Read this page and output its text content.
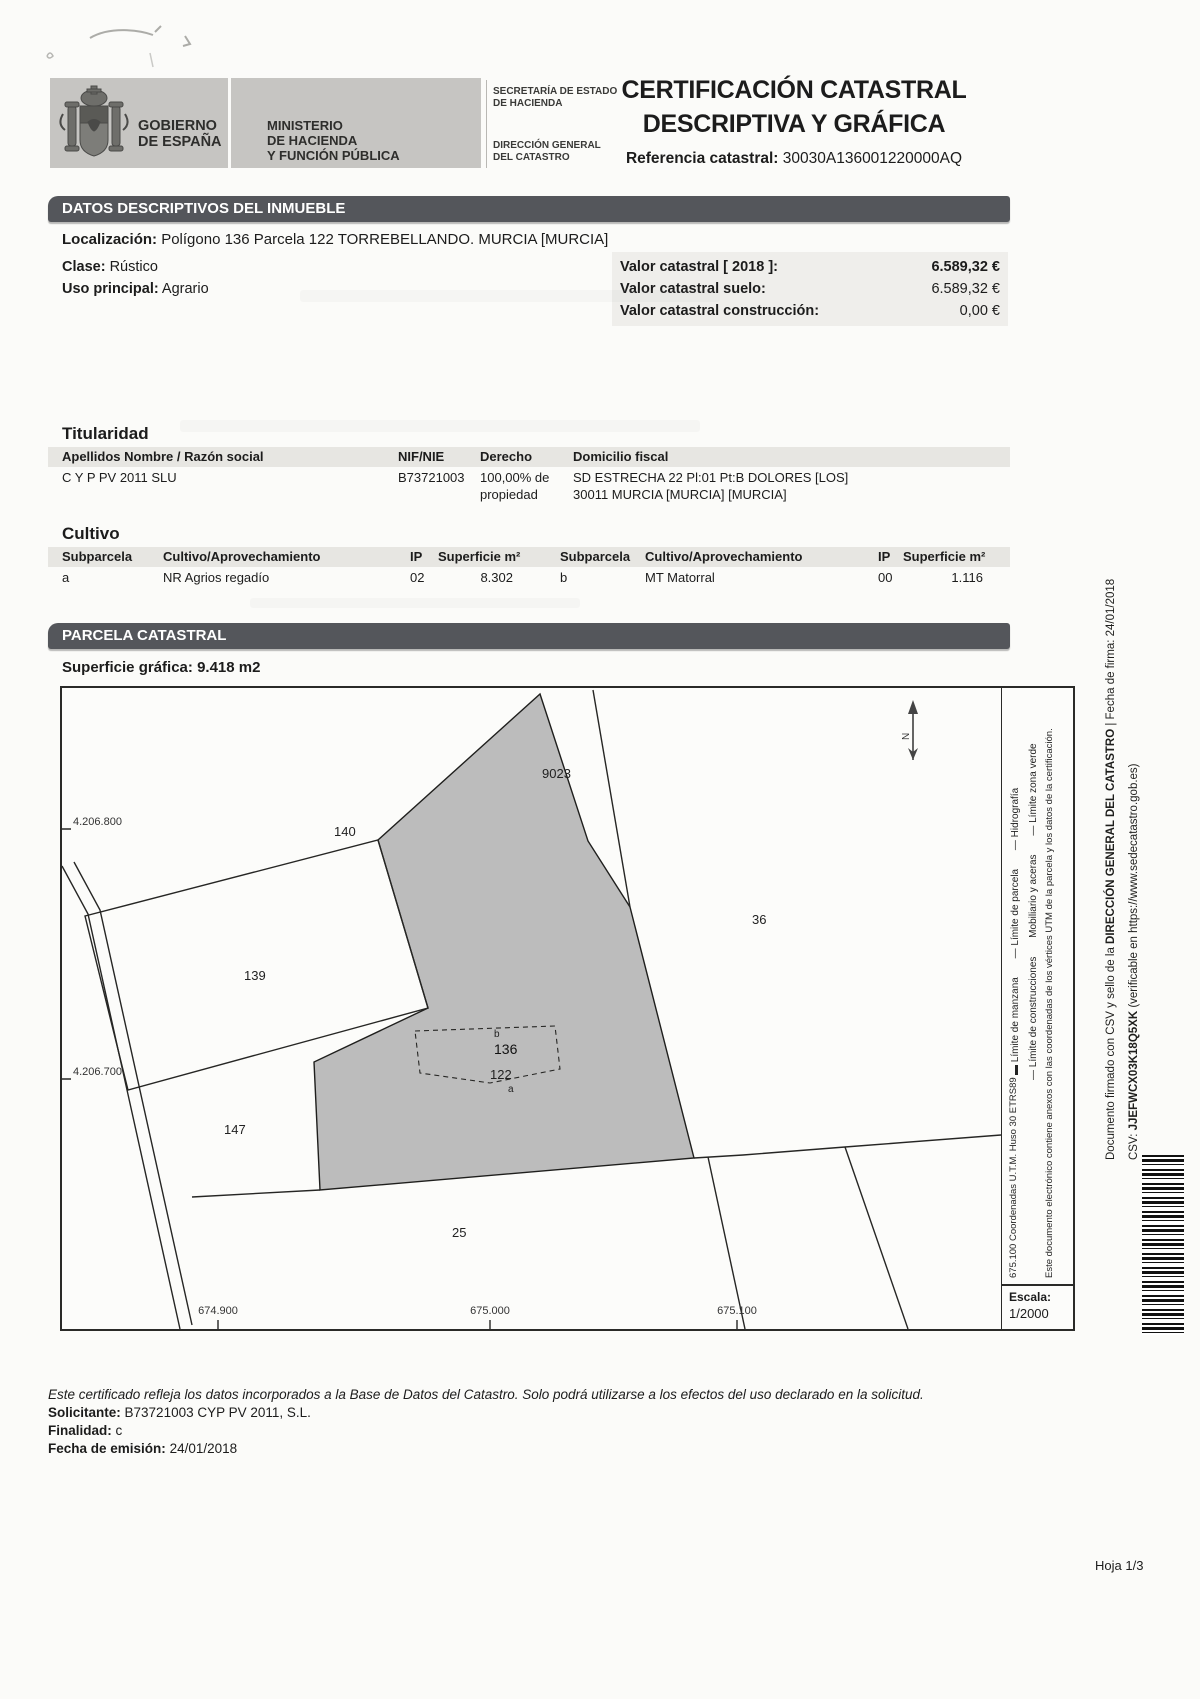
GOBIERNO
DE ESPAÑA
MINISTERIO
DE HACIENDA
Y FUNCIÓN PÚBLICA
SECRETARÍA DE ESTADO
DE HACIENDA
DIRECCIÓN GENERAL
DEL CATASTRO
CERTIFICACIÓN CATASTRAL
DESCRIPTIVA Y GRÁFICA
Referencia catastral: 30030A136001220000AQ
DATOS DESCRIPTIVOS DEL INMUEBLE
Localización: Polígono 136 Parcela 122 TORREBELLANDO. MURCIA [MURCIA]
Clase: Rústico
Uso principal: Agrario
Valor catastral [ 2018 ]:	6.589,32 €
Valor catastral suelo:	6.589,32 €
Valor catastral construcción:	0,00 €
Titularidad
Apellidos Nombre / Razón social	NIF/NIE	Derecho	Domicilio fiscal
C Y P PV 2011 SLU	B73721003 100,00% de
propiedad
SD ESTRECHA 22 Pl:01 Pt:B DOLORES [LOS]
30011 MURCIA [MURCIA] [MURCIA]
Cultivo
Subparcela Cultivo/Aprovechamiento	IP Superficie m²	Subparcela Cultivo/Aprovechamiento	IP Superficie m²
a	NR Agrios regadío	02	8.302	b	MT Matorral	00	1.116
PARCELA CATASTRAL
Superficie gráfica: 9.418 m2
9023
140
36
139
b
136
122
a
147
25
4.206.800
4.206.700
674.900	675.000	675.100
N
▬ Límite de manzana — Límite de parcela — Hidrografía
— Límite de construcciones Mobiliario y aceras — Límite zona verde
675.100 Coordenadas U.T.M. Huso 30 ETRS89	Este documento electrónico contiene anexos con las coordenadas de los vértices UTM de la parcela y los datos de la certificación.
Escala:
1/2000
Documento firmado con CSV y sello de la DIRECCIÓN GENERAL DEL CATASTRO | Fecha de firma: 24/01/2018
CSV: JJEFWCX03K18Q5XK (verificable en https://www.sedecatastro.gob.es)
Este certificado refleja los datos incorporados a la Base de Datos del Catastro. Solo podrá utilizarse a los efectos del uso declarado en la solicitud.
Solicitante: B73721003 CYP PV 2011, S.L.
Finalidad: c
Fecha de emisión: 24/01/2018
Hoja 1/3
